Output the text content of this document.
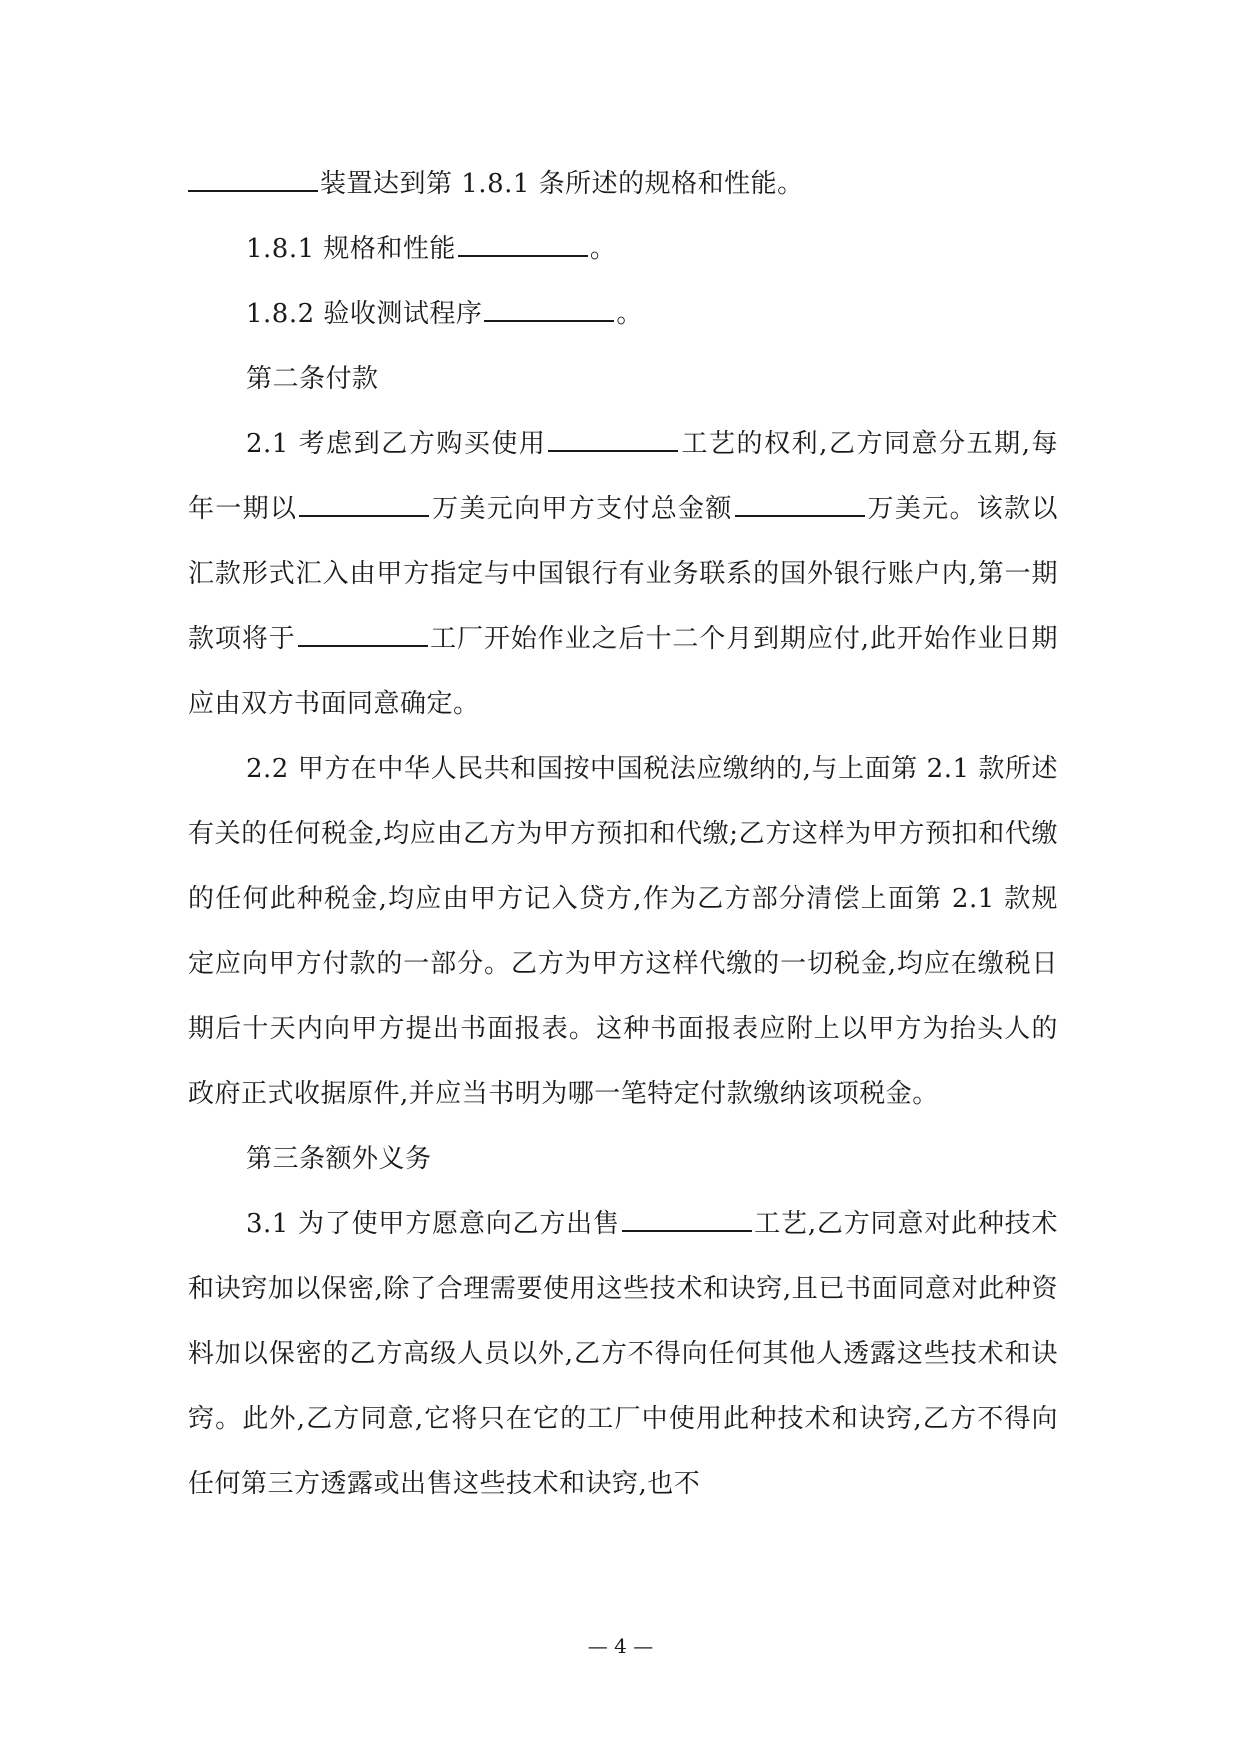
装置达到第 1.8.1 条所述的规格和性能。

1.8.1 规格和性能	。

1.8.2 验收测试程序	。

第二条付款

2.1 考虑到乙方购买使用	工艺的权利,乙方同意分五期,每年一期以	万美元向甲方支付总金额	万美元。该款以汇款形式汇入由甲方指定与中国银行有业务联系的国外银行账户内,第一期款项将于	工厂开始作业之后十二个月到期应付,此开始作业日期应由双方书面同意确定。

2.2 甲方在中华人民共和国按中国税法应缴纳的,与上面第 2.1 款所述有关的任何税金,均应由乙方为甲方预扣和代缴;乙方这样为甲方预扣和代缴的任何此种税金,均应由甲方记入贷方,作为乙方部分清偿上面第 2.1 款规定应向甲方付款的一部分。乙方为甲方这样代缴的一切税金,均应在缴税日期后十天内向甲方提出书面报表。这种书面报表应附上以甲方为抬头人的政府正式收据原件,并应当书明为哪一笔特定付款缴纳该项税金。

第三条额外义务

3.1 为了使甲方愿意向乙方出售	工艺,乙方同意对此种技术和诀窍加以保密,除了合理需要使用这些技术和诀窍,且已书面同意对此种资料加以保密的乙方高级人员以外,乙方不得向任何其他人透露这些技术和诀窍。此外,乙方同意,它将只在它的工厂中使用此种技术和诀窍,乙方不得向任何第三方透露或出售这些技术和诀窍,也不

— 4 —
